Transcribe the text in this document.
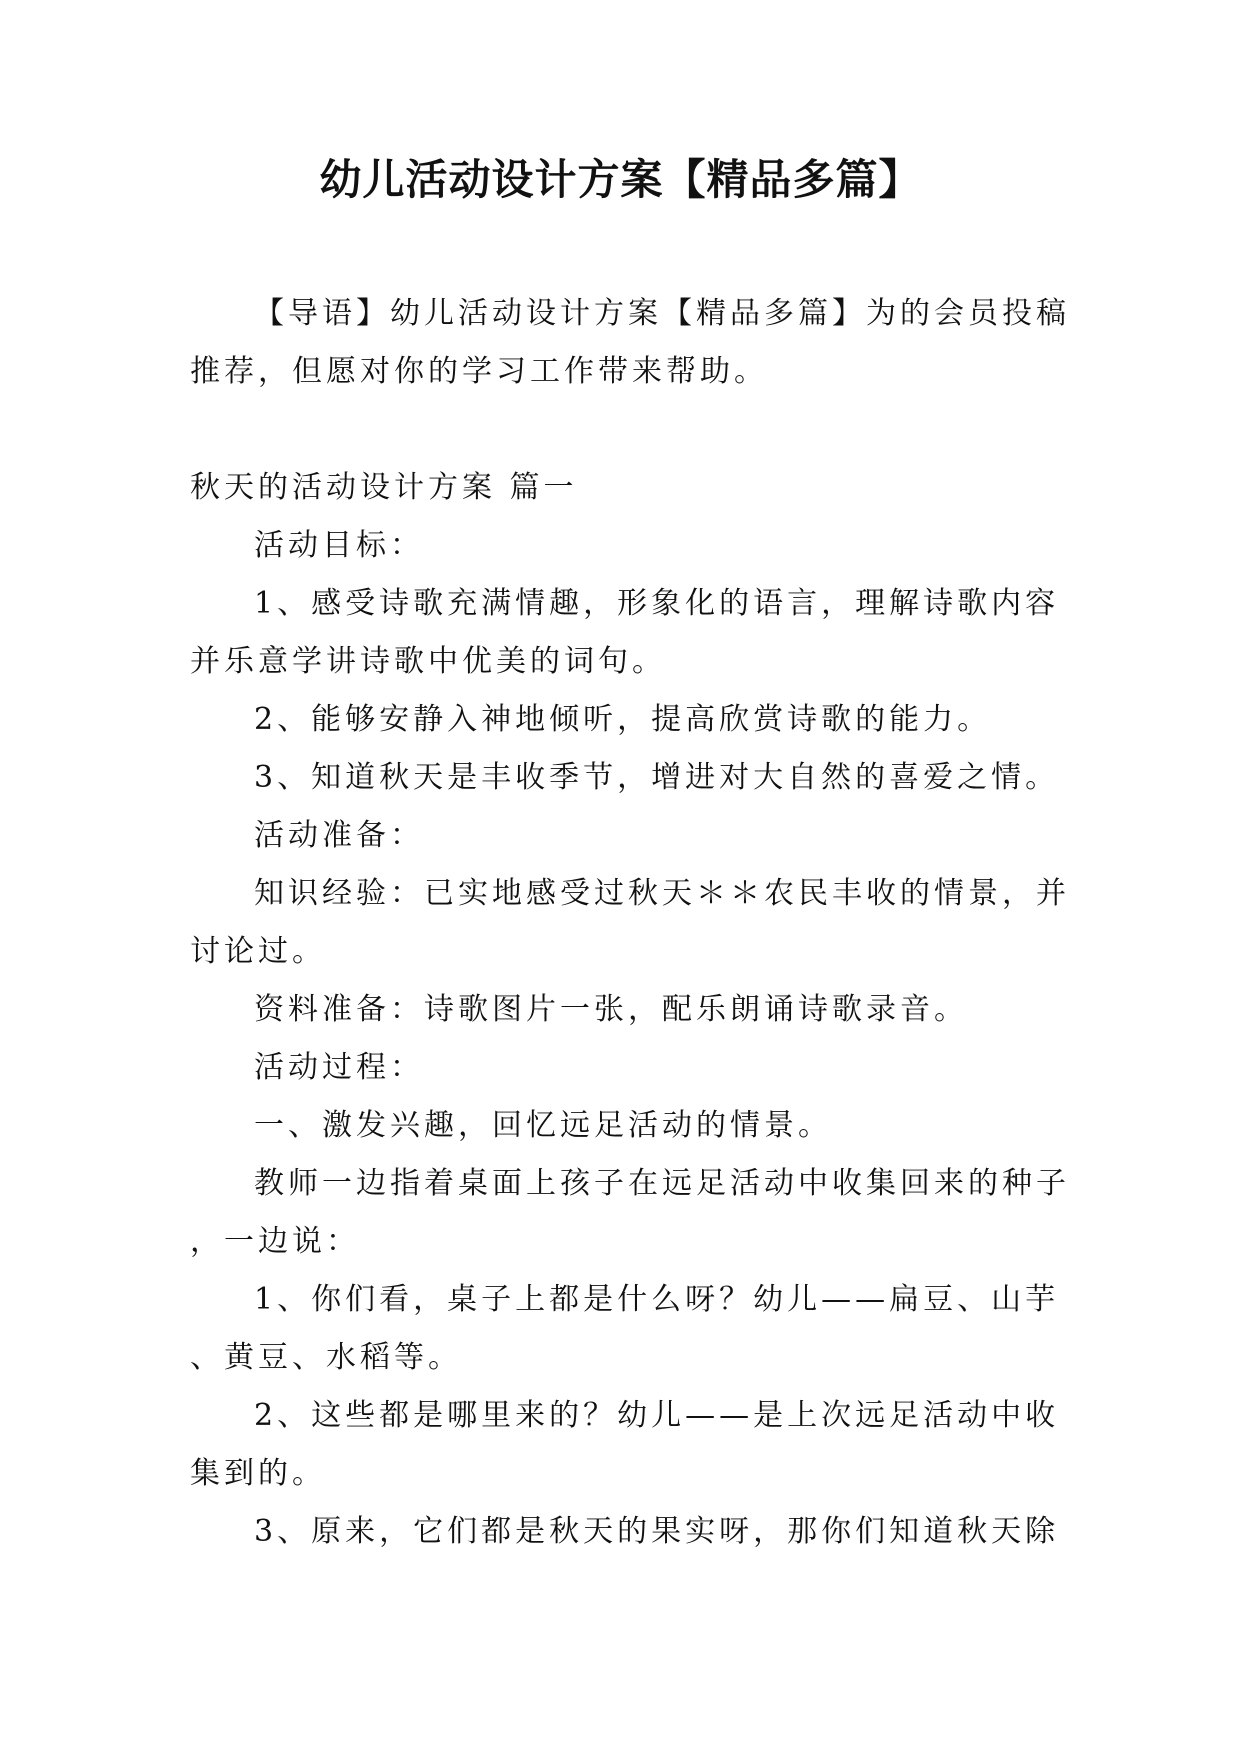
幼儿活动设计方案【精品多篇】

【导语】幼儿活动设计方案【精品多篇】为的会员投稿推荐，但愿对你的学习工作带来帮助。

秋天的活动设计方案 篇一

活动目标：

1、感受诗歌充满情趣，形象化的语言，理解诗歌内容并乐意学讲诗歌中优美的词句。

2、能够安静入神地倾听，提高欣赏诗歌的能力。

3、知道秋天是丰收季节，增进对大自然的喜爱之情。

活动准备：

知识经验：已实地感受过秋天＊＊农民丰收的情景，并讨论过。

资料准备：诗歌图片一张，配乐朗诵诗歌录音。

活动过程：

一、激发兴趣，回忆远足活动的情景。

教师一边指着桌面上孩子在远足活动中收集回来的种子，一边说：

1、你们看，桌子上都是什么呀？幼儿——扁豆、山芋、黄豆、水稻等。

2、这些都是哪里来的？幼儿——是上次远足活动中收集到的。

3、原来，它们都是秋天的果实呀，那你们知道秋天除
